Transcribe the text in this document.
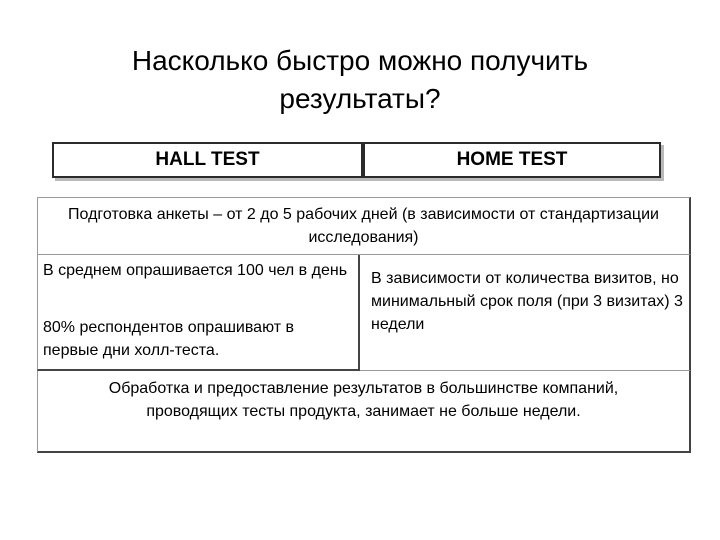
Насколько быстро можно получить результаты?
HALL TEST	HOME TEST
Подготовка анкеты – от 2 до 5 рабочих дней (в зависимости от стандартизации исследования)
В среднем опрашивается 100 чел в день
80% респондентов опрашивают в первые дни холл-теста.
В зависимости от количества визитов, но минимальный срок поля (при 3 визитах) 3 недели
Обработка и предоставление результатов в большинстве компаний, проводящих тесты продукта, занимает не больше недели.
